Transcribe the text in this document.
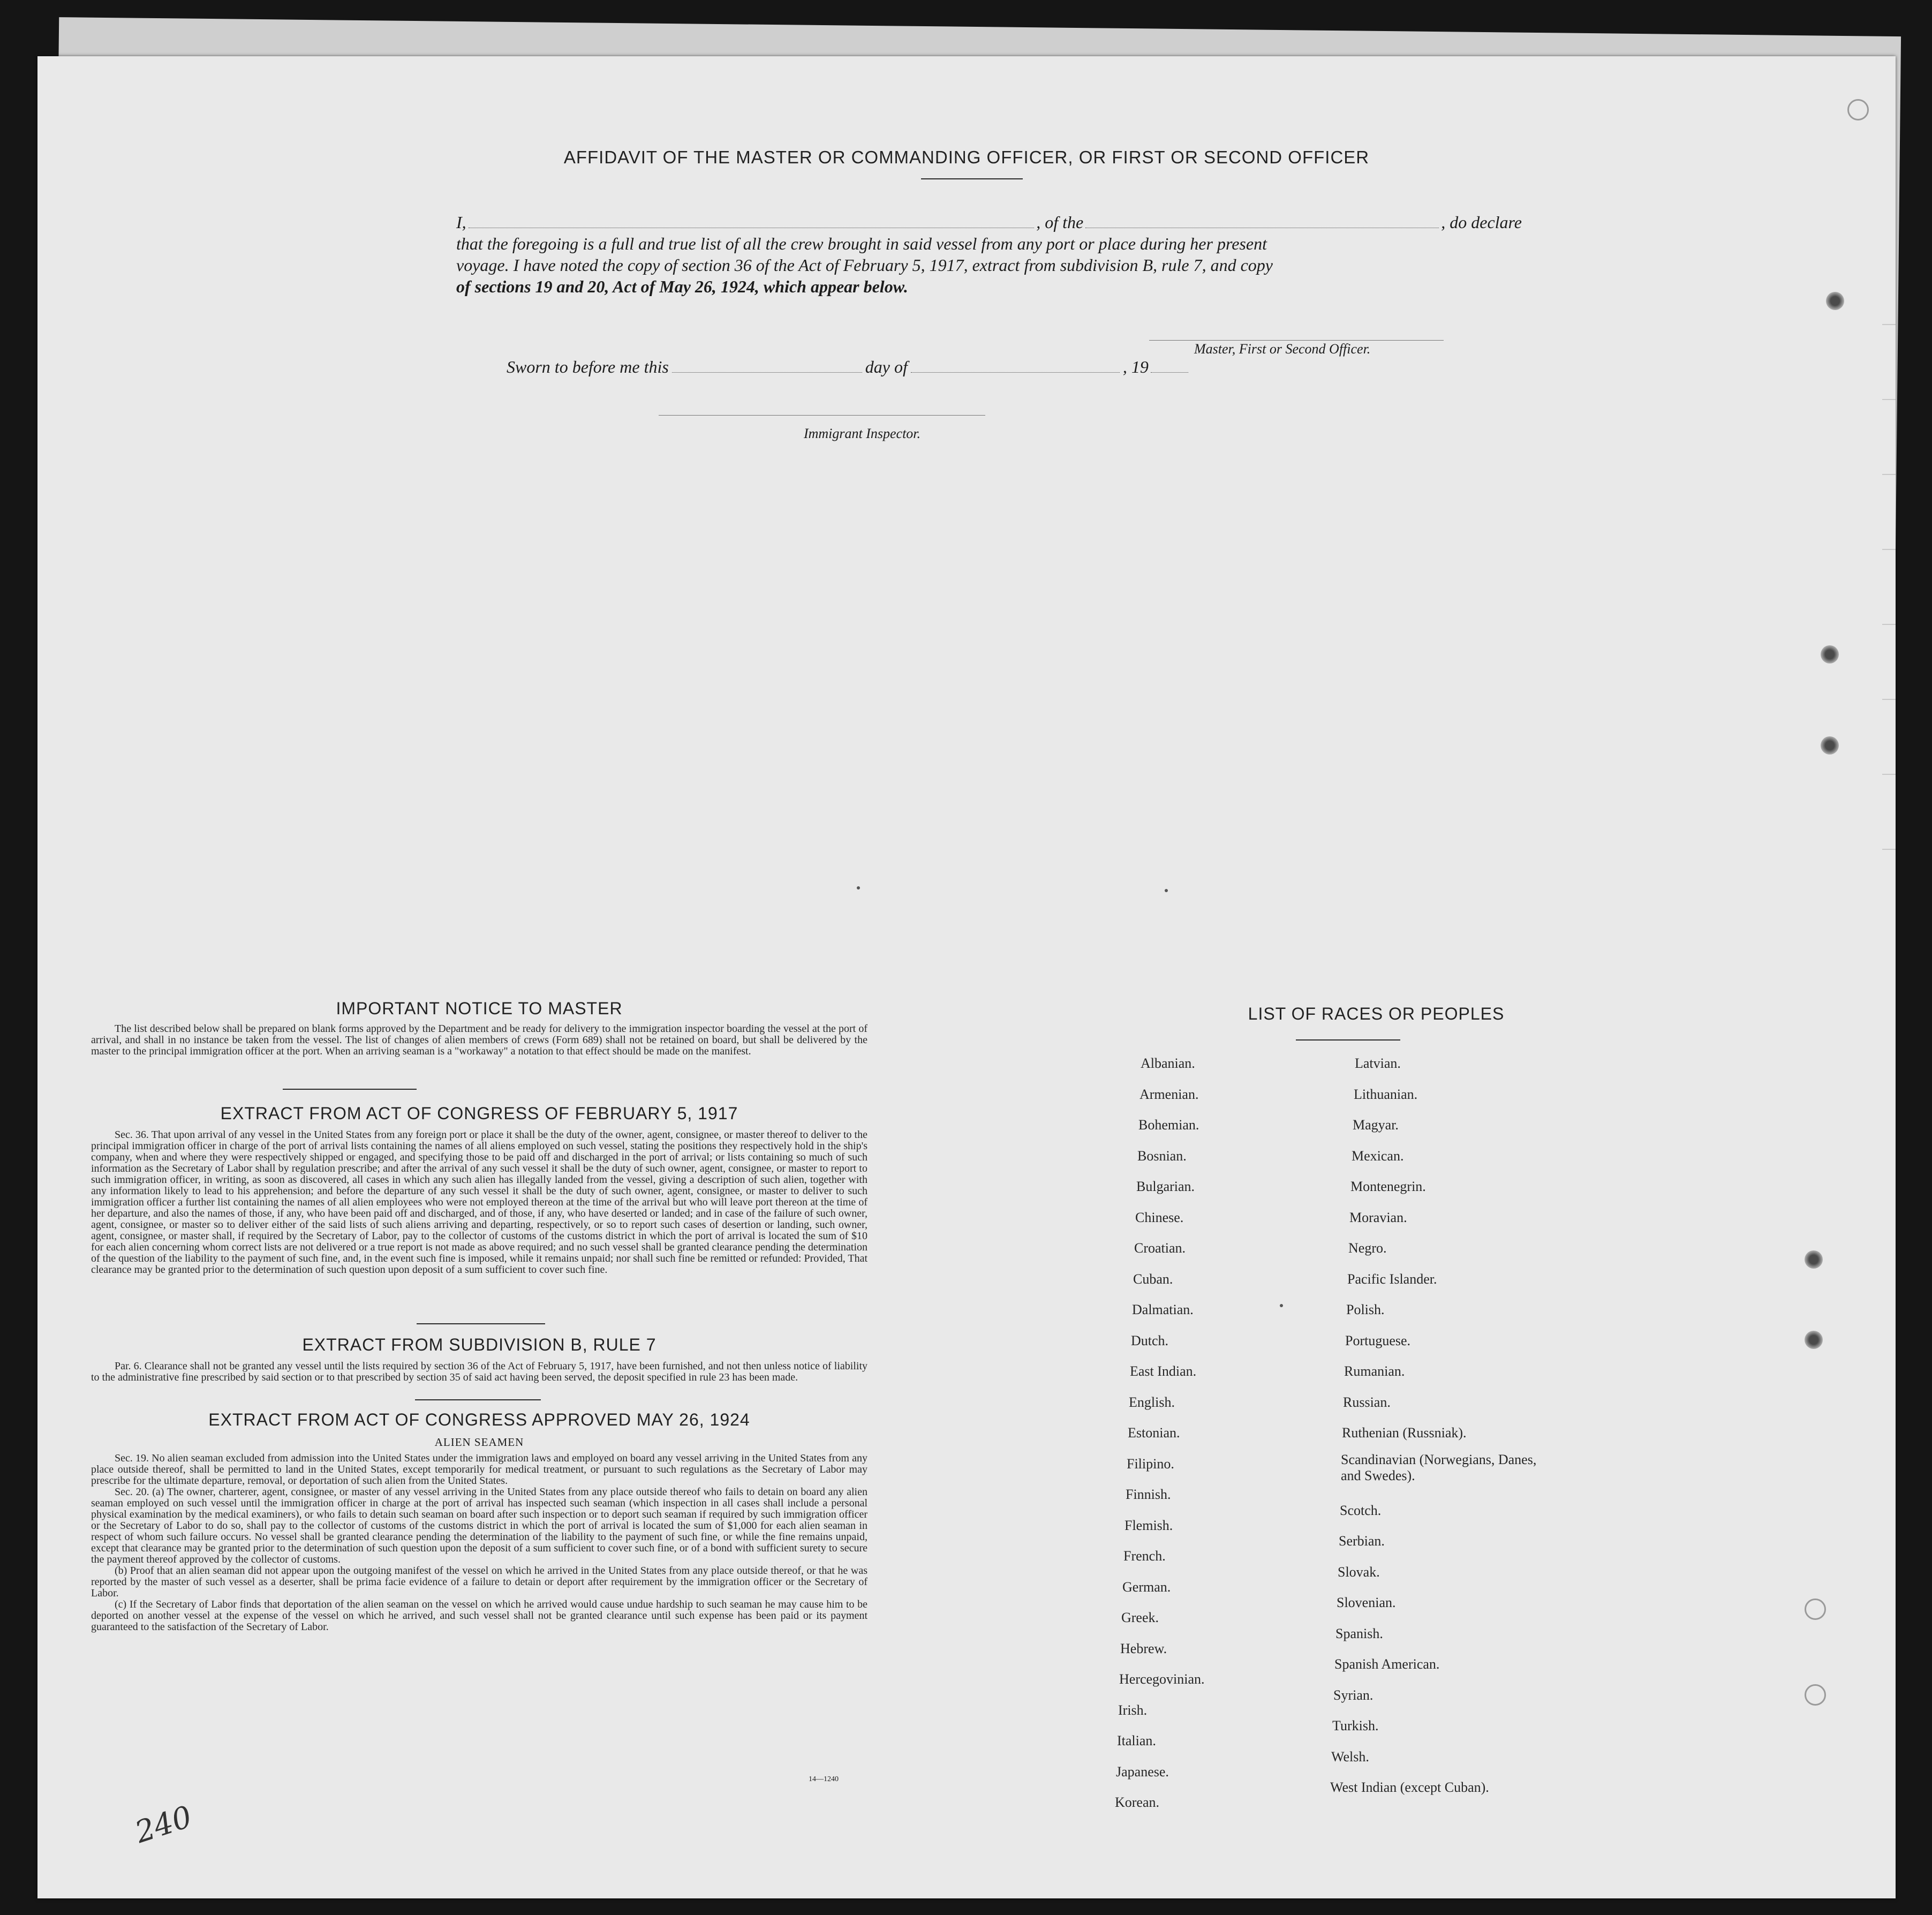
AFFIDAVIT OF THE MASTER OR COMMANDING OFFICER, OR FIRST OR SECOND OFFICER
I,	, of the	, do declare
that the foregoing is a full and true list of all the crew brought in said vessel from any port or place during her present
voyage. I have noted the copy of section 36 of the Act of February 5, 1917, extract from subdivision B, rule 7, and copy
of sections 19 and 20, Act of May 26, 1924, which appear below.
Master, First or Second Officer.
Sworn to before me this	day of	, 19
Immigrant Inspector.
IMPORTANT NOTICE TO MASTER

The list described below shall be prepared on blank forms approved by the Department and be ready for delivery to the immigration inspector boarding the vessel at the port of arrival, and shall in no instance be taken from the vessel. The list of changes of alien members of crews (Form 689) shall not be retained on board, but shall be delivered by the master to the principal immigration officer at the port. When an arriving seaman is a "workaway" a notation to that effect should be made on the manifest.

EXTRACT FROM ACT OF CONGRESS OF FEBRUARY 5, 1917

Sec. 36. That upon arrival of any vessel in the United States from any foreign port or place it shall be the duty of the owner, agent, consignee, or master thereof to deliver to the principal immigration officer in charge of the port of arrival lists containing the names of all aliens employed on such vessel, stating the positions they respectively hold in the ship's company, when and where they were respectively shipped or engaged, and specifying those to be paid off and discharged in the port of arrival; or lists containing so much of such information as the Secretary of Labor shall by regulation prescribe; and after the arrival of any such vessel it shall be the duty of such owner, agent, consignee, or master to report to such immigration officer, in writing, as soon as discovered, all cases in which any such alien has illegally landed from the vessel, giving a description of such alien, together with any information likely to lead to his apprehension; and before the departure of any such vessel it shall be the duty of such owner, agent, consignee, or master to deliver to such immigration officer a further list containing the names of all alien employees who were not employed thereon at the time of the arrival but who will leave port thereon at the time of her departure, and also the names of those, if any, who have been paid off and discharged, and of those, if any, who have deserted or landed; and in case of the failure of such owner, agent, consignee, or master so to deliver either of the said lists of such aliens arriving and departing, respectively, or so to report such cases of desertion or landing, such owner, agent, consignee, or master shall, if required by the Secretary of Labor, pay to the collector of customs of the customs district in which the port of arrival is located the sum of $10 for each alien concerning whom correct lists are not delivered or a true report is not made as above required; and no such vessel shall be granted clearance pending the determination of the question of the liability to the payment of such fine, and, in the event such fine is imposed, while it remains unpaid; nor shall such fine be remitted or refunded: Provided, That clearance may be granted prior to the determination of such question upon deposit of a sum sufficient to cover such fine.

EXTRACT FROM SUBDIVISION B, RULE 7

Par. 6. Clearance shall not be granted any vessel until the lists required by section 36 of the Act of February 5, 1917, have been furnished, and not then unless notice of liability to the administrative fine prescribed by said section or to that prescribed by section 35 of said act having been served, the deposit specified in rule 23 has been made.

EXTRACT FROM ACT OF CONGRESS APPROVED MAY 26, 1924
ALIEN SEAMEN

Sec. 19. No alien seaman excluded from admission into the United States under the immigration laws and employed on board any vessel arriving in the United States from any place outside thereof, shall be permitted to land in the United States, except temporarily for medical treatment, or pursuant to such regulations as the Secretary of Labor may prescribe for the ultimate departure, removal, or deportation of such alien from the United States.

Sec. 20. (a) The owner, charterer, agent, consignee, or master of any vessel arriving in the United States from any place outside thereof who fails to detain on board any alien seaman employed on such vessel until the immigration officer in charge at the port of arrival has inspected such seaman (which inspection in all cases shall include a personal physical examination by the medical examiners), or who fails to detain such seaman on board after such inspection or to deport such seaman if required by such immigration officer or the Secretary of Labor to do so, shall pay to the collector of customs of the customs district in which the port of arrival is located the sum of $1,000 for each alien seaman in respect of whom such failure occurs. No vessel shall be granted clearance pending the determination of the liability to the payment of such fine, or while the fine remains unpaid, except that clearance may be granted prior to the determination of such question upon the deposit of a sum sufficient to cover such fine, or of a bond with sufficient surety to secure the payment thereof approved by the collector of customs.

(b) Proof that an alien seaman did not appear upon the outgoing manifest of the vessel on which he arrived in the United States from any place outside thereof, or that he was reported by the master of such vessel as a deserter, shall be prima facie evidence of a failure to detain or deport after requirement by the immigration officer or the Secretary of Labor.

(c) If the Secretary of Labor finds that deportation of the alien seaman on the vessel on which he arrived would cause undue hardship to such seaman he may cause him to be deported on another vessel at the expense of the vessel on which he arrived, and such vessel shall not be granted clearance until such expense has been paid or its payment guaranteed to the satisfaction of the Secretary of Labor.

14—1240
LIST OF RACES OR PEOPLES
240
Albanian.
Armenian.
Bohemian.
Bosnian.
Bulgarian.
Chinese.
Croatian.
Cuban.
Dalmatian.
Dutch.
East Indian.
English.
Estonian.
Filipino.
Finnish.
Flemish.
French.
German.
Greek.
Hebrew.
Hercegovinian.
Irish.
Italian.
Japanese.
Korean.
Latvian.
Lithuanian.
Magyar.
Mexican.
Montenegrin.
Moravian.
Negro.
Pacific Islander.
Polish.
Portuguese.
Rumanian.
Russian.
Ruthenian (Russniak).
Scandinavian (Norwegians, Danes, and Swedes).
Scotch.
Serbian.
Slovak.
Slovenian.
Spanish.
Spanish American.
Syrian.
Turkish.
Welsh.
West Indian (except Cuban).
